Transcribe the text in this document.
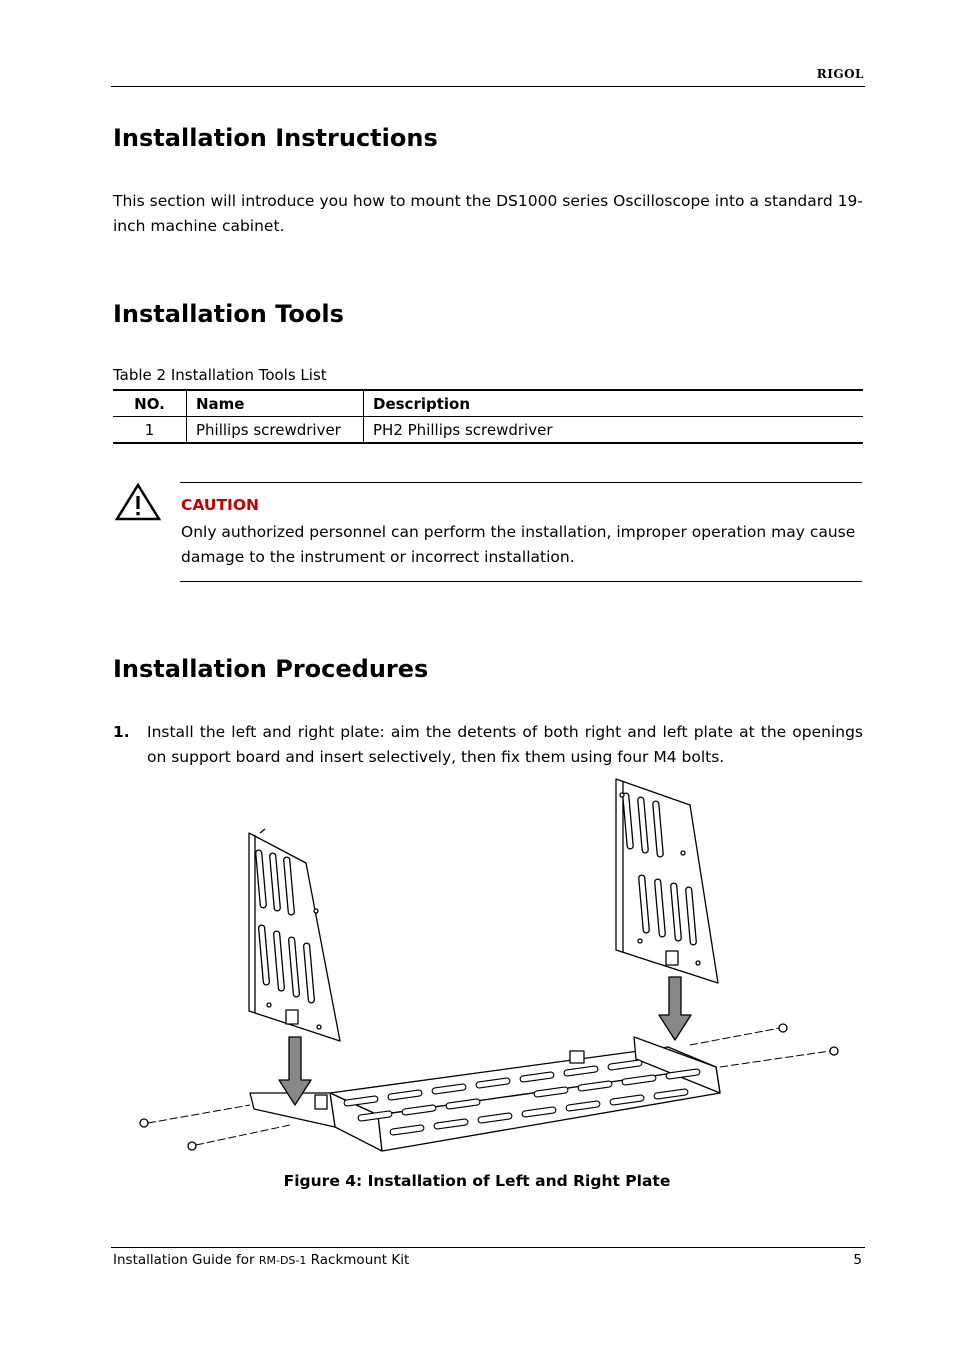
RIGOL
Installation Instructions
This section will introduce you how to mount the DS1000 series Oscilloscope into a standard 19-inch machine cabinet.
Installation Tools
Table 2 Installation Tools List
NO.	Name	Description
1	Phillips screwdriver	PH2 Phillips screwdriver
CAUTION
Only authorized personnel can perform the installation, improper operation may cause damage to the instrument or incorrect installation.
Installation Procedures
1. Install the left and right plate: aim the detents of both right and left plate at the openings on support board and insert selectively, then fix them using four M4 bolts.
Figure 4: Installation of Left and Right Plate
Installation Guide for RM-DS-1 Rackmount Kit	5
